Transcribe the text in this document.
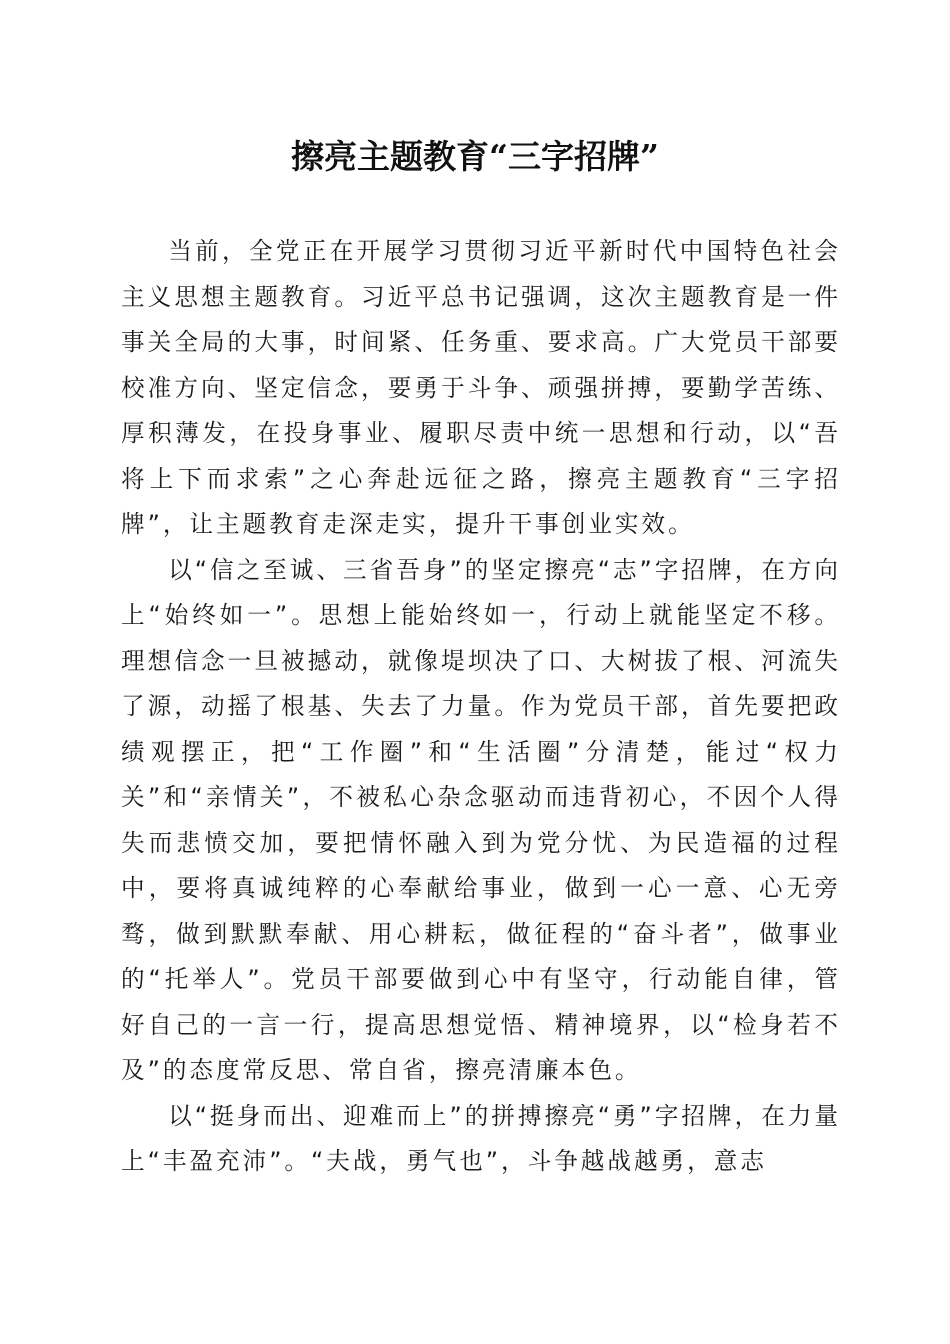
擦亮主题教育“三字招牌”

当前，全党正在开展学习贯彻习近平新时代中国特色社会主义思想主题教育。习近平总书记强调，这次主题教育是一件事关全局的大事，时间紧、任务重、要求高。广大党员干部要校准方向、坚定信念，要勇于斗争、顽强拼搏，要勤学苦练、厚积薄发，在投身事业、履职尽责中统一思想和行动，以“吾将上下而求索”之心奔赴远征之路，擦亮主题教育“三字招牌”，让主题教育走深走实，提升干事创业实效。

以“信之至诚、三省吾身”的坚定擦亮“志”字招牌，在方向上“始终如一”。思想上能始终如一，行动上就能坚定不移。理想信念一旦被撼动，就像堤坝决了口、大树拔了根、河流失了源，动摇了根基、失去了力量。作为党员干部，首先要把政绩观摆正，把“工作圈”和“生活圈”分清楚，能过“权力关”和“亲情关”，不被私心杂念驱动而违背初心，不因个人得失而悲愤交加，要把情怀融入到为党分忧、为民造福的过程中，要将真诚纯粹的心奉献给事业，做到一心一意、心无旁骛，做到默默奉献、用心耕耘，做征程的“奋斗者”，做事业的“托举人”。党员干部要做到心中有坚守，行动能自律，管好自己的一言一行，提高思想觉悟、精神境界，以“检身若不及”的态度常反思、常自省，擦亮清廉本色。

以“挺身而出、迎难而上”的拼搏擦亮“勇”字招牌，在力量上“丰盈充沛”。“夫战，勇气也”，斗争越战越勇，意志
